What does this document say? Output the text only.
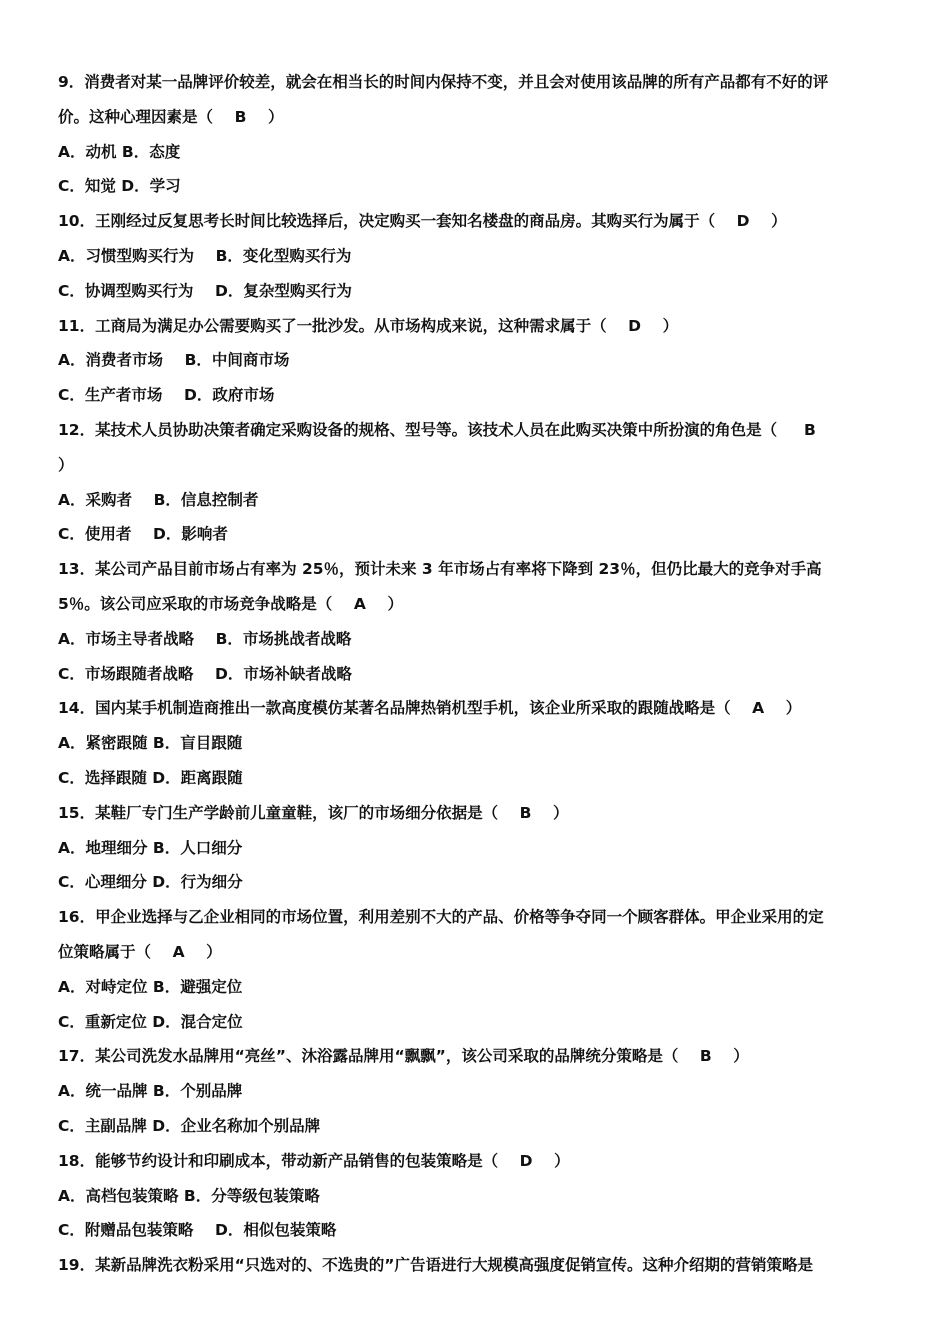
9．消费者对某一品牌评价较差，就会在相当长的时间内保持不变，并且会对使用该品牌的所有产品都有不好的评
价。这种心理因素是（    B    ）
A．动机 B．态度
C．知觉 D．学习
10．王刚经过反复思考长时间比较选择后，决定购买一套知名楼盘的商品房。其购买行为属于（    D    ）
A．习惯型购买行为    B．变化型购买行为
C．协调型购买行为    D．复杂型购买行为
11．工商局为满足办公需要购买了一批沙发。从市场构成来说，这种需求属于（    D    ）
A．消费者市场    B．中间商市场
C．生产者市场    D．政府市场
12．某技术人员协助决策者确定采购设备的规格、型号等。该技术人员在此购买决策中所扮演的角色是（     B
）
A．采购者    B．信息控制者
C．使用者    D．影响者
13．某公司产品目前市场占有率为 25％，预计未来 3 年市场占有率将下降到 23％，但仍比最大的竞争对手高
5％。该公司应采取的市场竞争战略是（    A    ）
A．市场主导者战略    B．市场挑战者战略
C．市场跟随者战略    D．市场补缺者战略
14．国内某手机制造商推出一款高度模仿某著名品牌热销机型手机，该企业所采取的跟随战略是（    A    ）
A．紧密跟随 B．盲目跟随
C．选择跟随 D．距离跟随
15．某鞋厂专门生产学龄前儿童童鞋，该厂的市场细分依据是（    B    ）
A．地理细分 B．人口细分
C．心理细分 D．行为细分
16．甲企业选择与乙企业相同的市场位置，利用差别不大的产品、价格等争夺同一个顾客群体。甲企业采用的定
位策略属于（    A    ）
A．对峙定位 B．避强定位
C．重新定位 D．混合定位
17．某公司洗发水品牌用“亮丝”、沐浴露品牌用“飘飘”，该公司采取的品牌统分策略是（    B    ）
A．统一品牌 B．个别品牌
C．主副品牌 D．企业名称加个别品牌
18．能够节约设计和印刷成本，带动新产品销售的包装策略是（    D    ）
A．高档包装策略 B．分等级包装策略
C．附赠品包装策略    D．相似包装策略
19．某新品牌洗衣粉采用“只选对的、不选贵的”广告语进行大规模高强度促销宣传。这种介绍期的营销策略是
